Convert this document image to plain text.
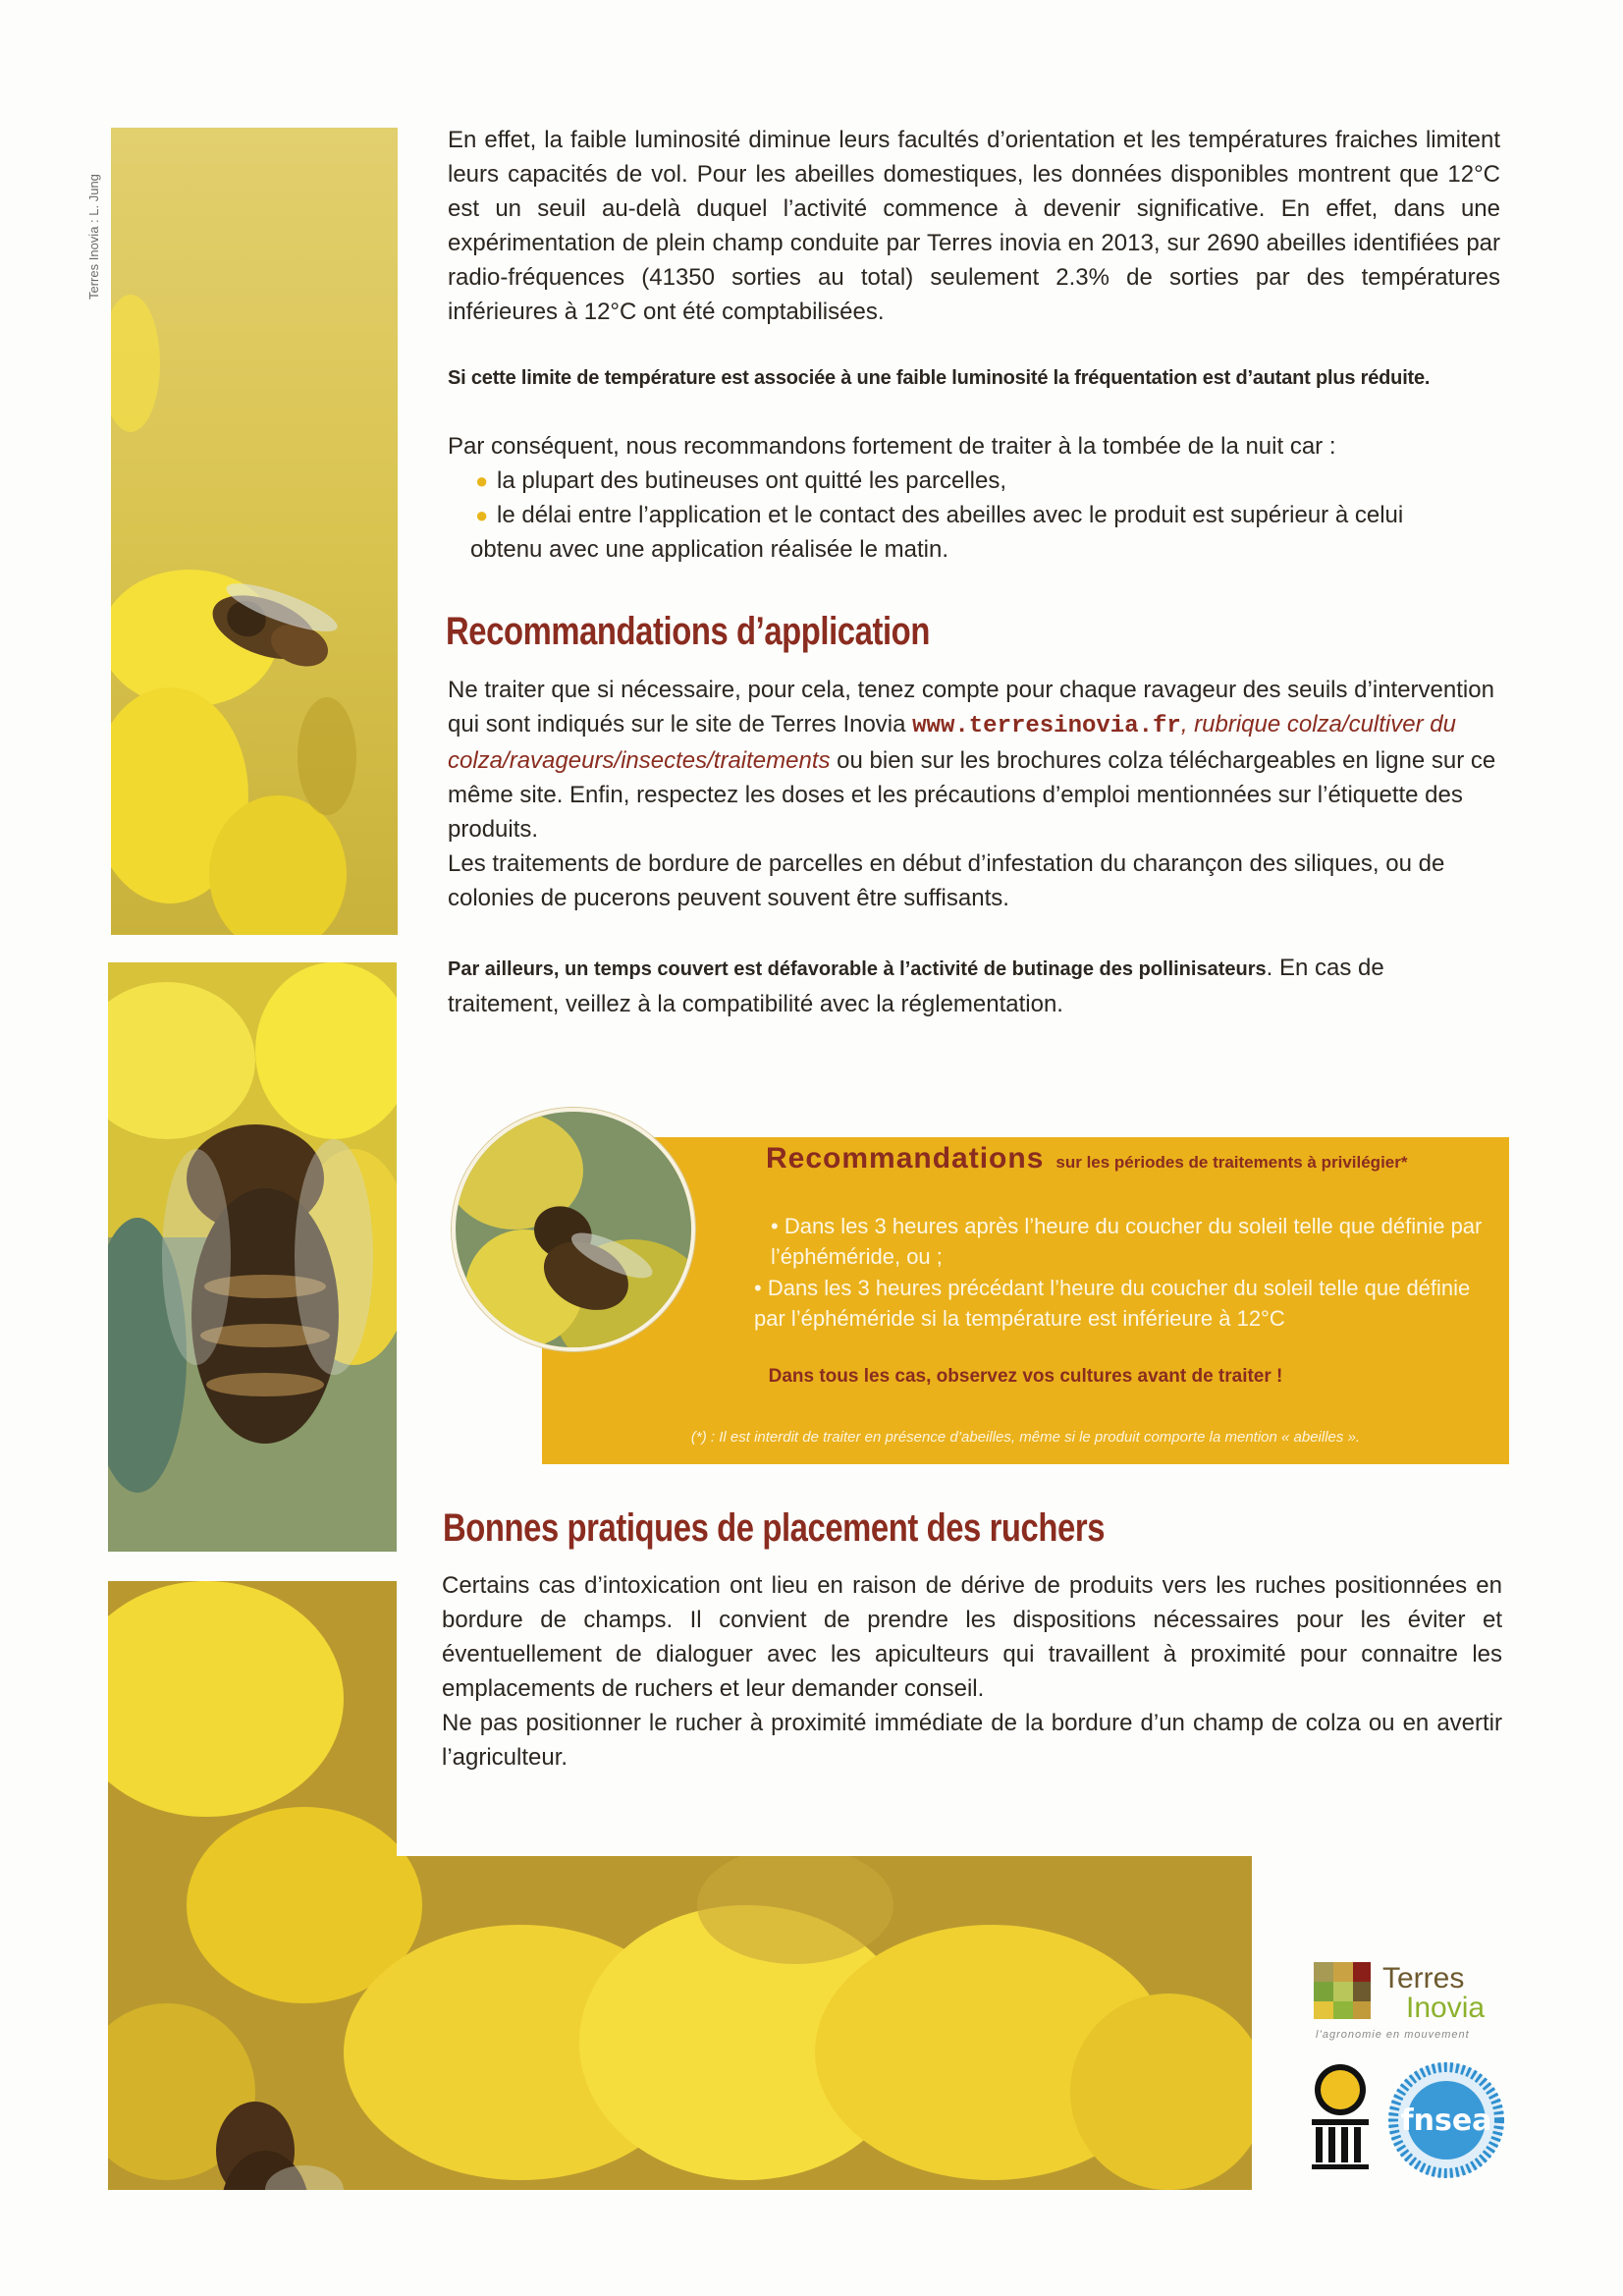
Terres Inovia : L. Jung

En effet, la faible luminosité diminue leurs facultés d’orientation et les températures fraiches limitent leurs capacités de vol. Pour les abeilles domestiques, les données disponibles montrent que 12°C est un seuil au-delà duquel l’activité commence à devenir significative. En effet, dans une expérimentation de plein champ conduite par Terres inovia en 2013, sur 2690 abeilles identifiées par radio-fréquences (41350 sorties au total) seulement 2.3% de sorties par des températures inférieures à 12°C ont été comptabilisées.

Si cette limite de température est associée à une faible luminosité la fréquentation est d’autant plus réduite.

Par conséquent, nous recommandons fortement de traiter à la tombée de la nuit car :

● la plupart des butineuses ont quitté les parcelles,
● le délai entre l’application et le contact des abeilles avec le produit est supérieur à celui

obtenu avec une application réalisée le matin.

Recommandations d’application

Ne traiter que si nécessaire, pour cela, tenez compte pour chaque ravageur des seuils d’intervention qui sont indiqués sur le site de Terres Inovia www.terresinovia.fr, rubrique colza/cultiver du colza/ravageurs/insectes/traitements ou bien sur les brochures colza téléchargeables en ligne sur ce même site. Enfin, respectez les doses et les précautions d’emploi mentionnées sur l’étiquette des produits.

Les traitements de bordure de parcelles en début d’infestation du charançon des siliques, ou de colonies de pucerons peuvent souvent être suffisants.

Par ailleurs, un temps couvert est défavorable à l’activité de butinage des pollinisateurs. En cas de traitement, veillez à la compatibilité avec la réglementation.

Recommandations sur les périodes de traitements à privilégier*
• Dans les 3 heures après l’heure du coucher du soleil telle que définie par l’éphéméride, ou ;
• Dans les 3 heures précédant l’heure du coucher du soleil telle que définie par l’éphéméride si la température est inférieure à 12°C
Dans tous les cas, observez vos cultures avant de traiter !
(*) : Il est interdit de traiter en présence d’abeilles, même si le produit comporte la mention « abeilles ».
Bonnes pratiques de placement des ruchers

Certains cas d’intoxication ont lieu en raison de dérive de produits vers les ruches positionnées en bordure de champs. Il convient de prendre les dispositions nécessaires pour les éviter et éventuellement de dialoguer avec les apiculteurs qui travaillent à proximité pour connaitre les emplacements de ruchers et leur demander conseil.

Ne pas positionner le rucher à proximité immédiate de la bordure d’un champ de colza ou en avertir l’agriculteur.

Terres
Inovia
l’agronomie en mouvement
fnsea
